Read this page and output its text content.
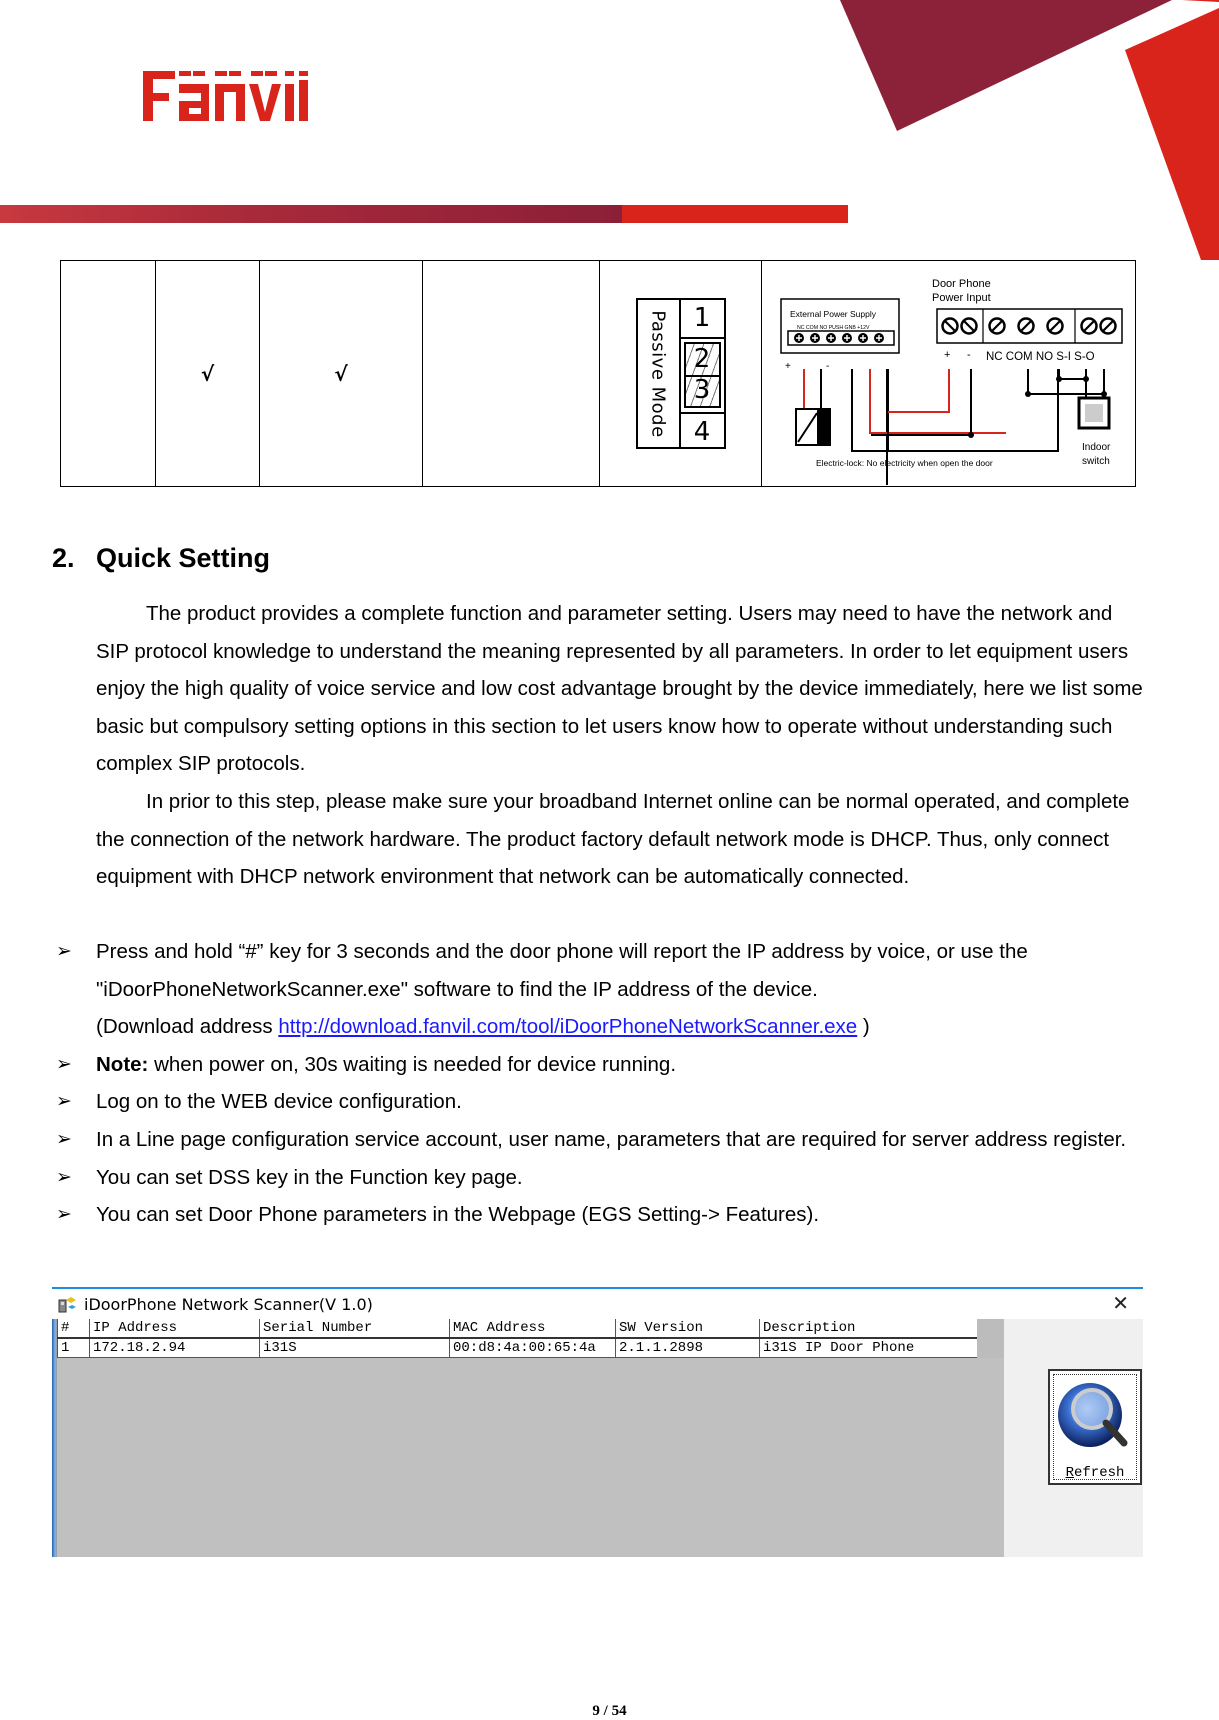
	√	√		Passive Mode 1
2
3
4

External Power Supply
NC COM NO PUSH GNB +12V
Door Phone
Power Input
+ - NC COM NO S-I S-O
+	-
Electric-lock: No electricity when open the door
Indoor
switch
2. Quick Setting

The product provides a complete function and parameter setting. Users may need to have the network and SIP protocol knowledge to understand the meaning represented by all parameters. In order to let equipment users enjoy the high quality of voice service and low cost advantage brought by the device immediately, here we list some basic but compulsory setting options in this section to let users know how to operate without understanding such complex SIP protocols.

In prior to this step, please make sure your broadband Internet online can be normal operated, and complete the connection of the network hardware. The product factory default network mode is DHCP. Thus, only connect equipment with DHCP network environment that network can be automatically connected.

➢ Press and hold “#” key for 3 seconds and the door phone will report the IP address by voice, or use the "iDoorPhoneNetworkScanner.exe" software to find the IP address of the device.
(Download address http://download.fanvil.com/tool/iDoorPhoneNetworkScanner.exe )
➢ Note: when power on, 30s waiting is needed for device running.
➢ Log on to the WEB device configuration.
➢ In a Line page configuration service account, user name, parameters that are required for server address register.
➢ You can set DSS key in the Function key page.
➢ You can set Door Phone parameters in the Webpage (EGS Setting-> Features).
iDoorPhone Network Scanner(V 1.0)	✕
#	IP Address	Serial Number	MAC Address	SW Version	Description
1	172.18.2.94	i31S	00:d8:4a:00:65:4a	2.1.1.2898	i31S IP Door Phone
Refresh
9 / 54
